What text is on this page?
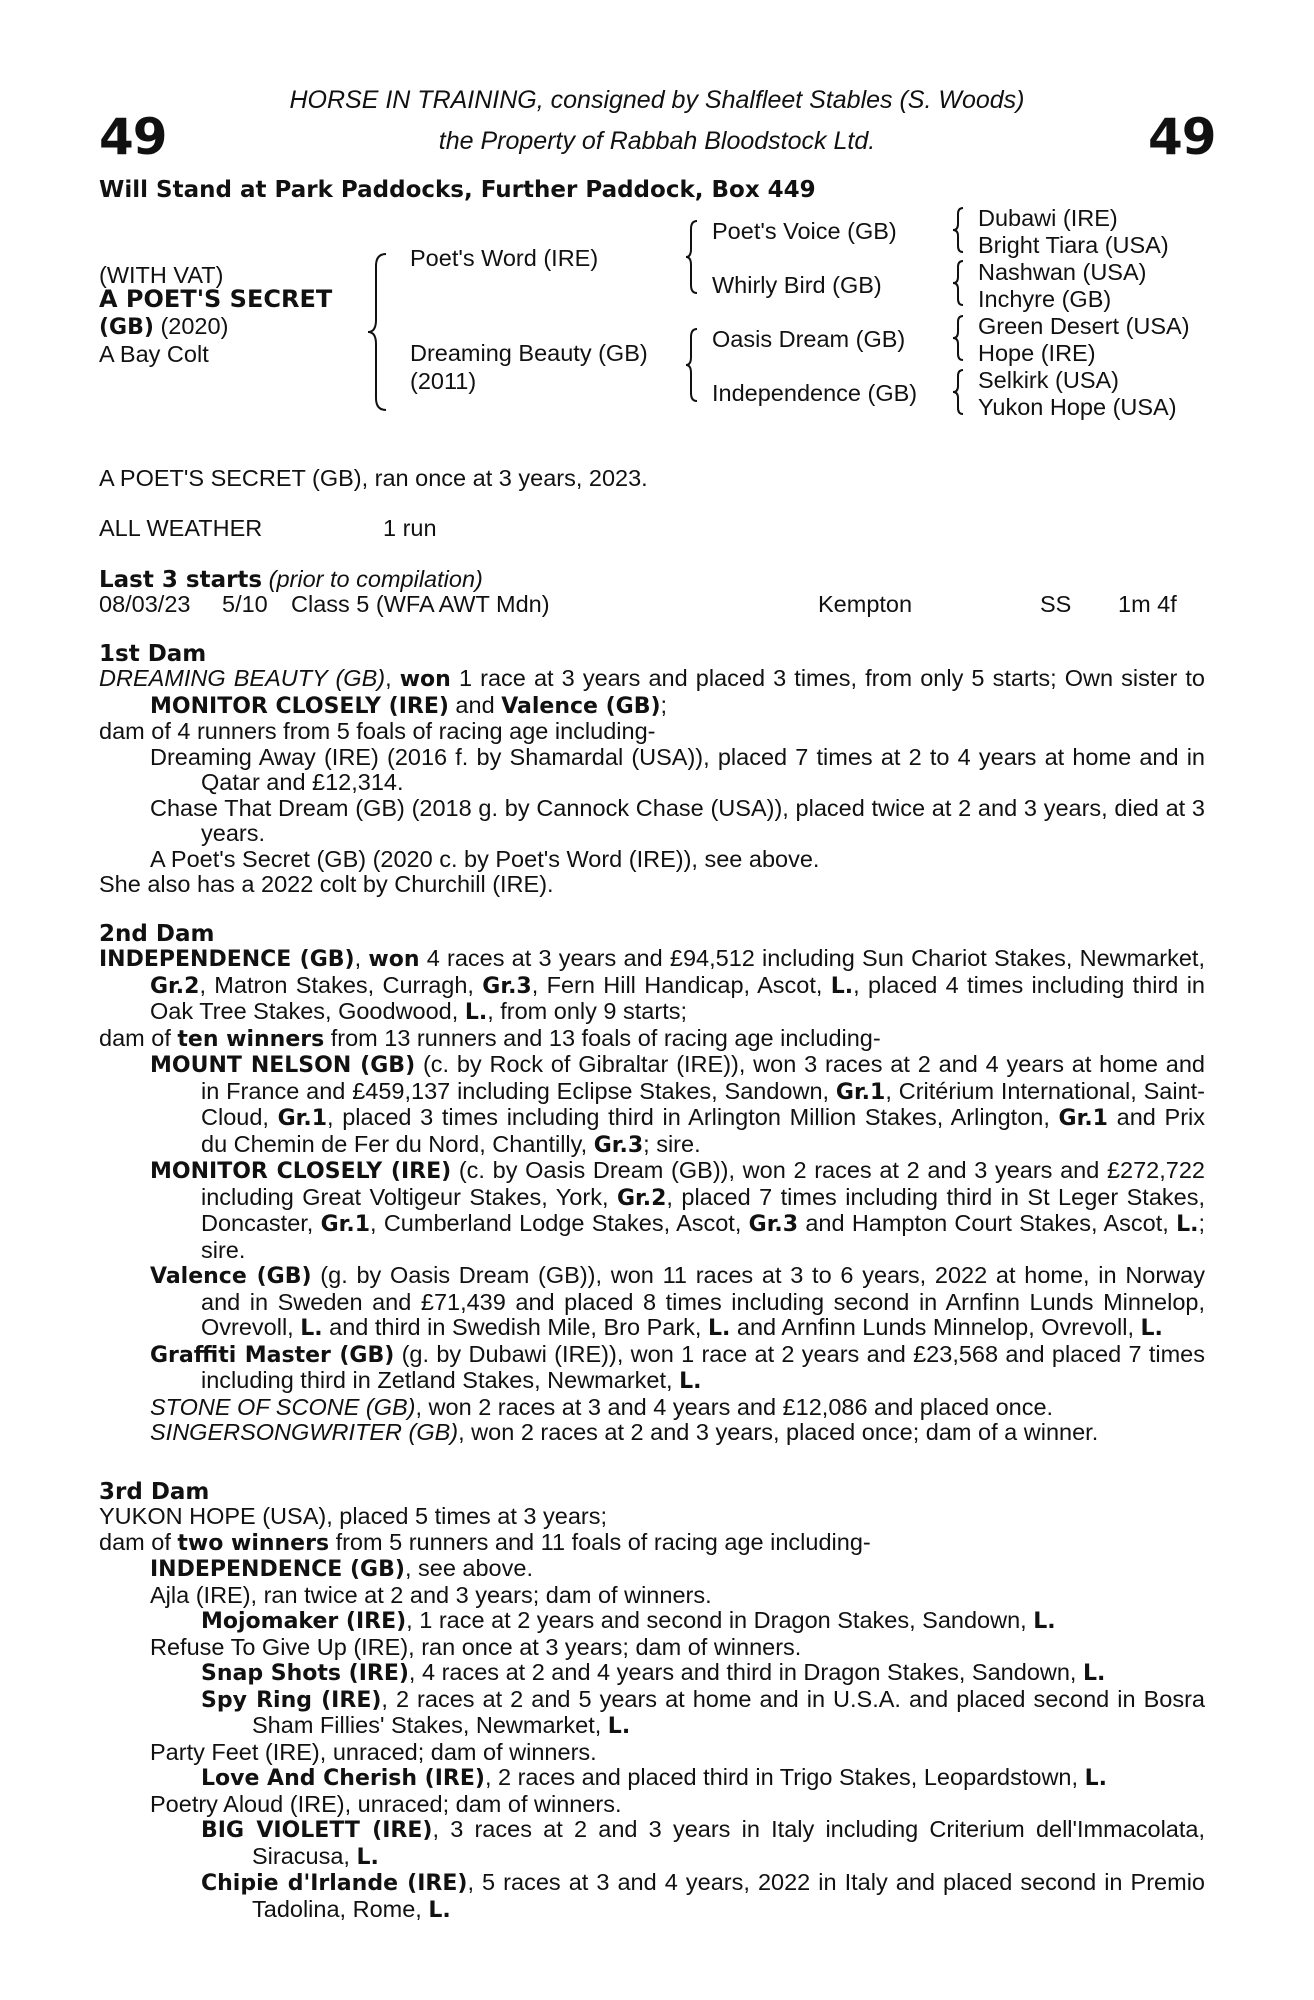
49	49
HORSE IN TRAINING, consigned by Shalfleet Stables (S. Woods)
the Property of Rabbah Bloodstock Ltd.
Will Stand at Park Paddocks, Further Paddock, Box 449
(WITH VAT)
A POET'S SECRET
(GB) (2020)
A Bay Colt
Poet's Word (IRE)
Dreaming Beauty (GB)
(2011)
Poet's Voice (GB)
Whirly Bird (GB)
Oasis Dream (GB)
Independence (GB)
Dubawi (IRE)
Bright Tiara (USA)
Nashwan (USA)
Inchyre (GB)
Green Desert (USA)
Hope (IRE)
Selkirk (USA)
Yukon Hope (USA)
A POET'S SECRET (GB), ran once at 3 years, 2023.
ALL WEATHER	1 run
Last 3 starts (prior to compilation)
08/03/23 5/10 Class 5 (WFA AWT Mdn)	Kempton	SS 1m 4f
1st Dam

DREAMING BEAUTY (GB), won 1 race at 3 years and placed 3 times, from only 5 starts; Own sister to MONITOR CLOSELY (IRE) and Valence (GB);

dam of 4 runners from 5 foals of racing age including-

Dreaming Away (IRE) (2016 f. by Shamardal (USA)), placed 7 times at 2 to 4 years at home and in Qatar and £12,314.

Chase That Dream (GB) (2018 g. by Cannock Chase (USA)), placed twice at 2 and 3 years, died at 3 years.

A Poet's Secret (GB) (2020 c. by Poet's Word (IRE)), see above.

She also has a 2022 colt by Churchill (IRE).

2nd Dam

INDEPENDENCE (GB), won 4 races at 3 years and £94,512 including Sun Chariot Stakes, Newmarket, Gr.2, Matron Stakes, Curragh, Gr.3, Fern Hill Handicap, Ascot, L., placed 4 times including third in Oak Tree Stakes, Goodwood, L., from only 9 starts;

dam of ten winners from 13 runners and 13 foals of racing age including-

MOUNT NELSON (GB) (c. by Rock of Gibraltar (IRE)), won 3 races at 2 and 4 years at home and in France and £459,137 including Eclipse Stakes, Sandown, Gr.1, Critérium International, Saint-Cloud, Gr.1, placed 3 times including third in Arlington Million Stakes, Arlington, Gr.1 and Prix du Chemin de Fer du Nord, Chantilly, Gr.3; sire.

MONITOR CLOSELY (IRE) (c. by Oasis Dream (GB)), won 2 races at 2 and 3 years and £272,722 including Great Voltigeur Stakes, York, Gr.2, placed 7 times including third in St Leger Stakes, Doncaster, Gr.1, Cumberland Lodge Stakes, Ascot, Gr.3 and Hampton Court Stakes, Ascot, L.; sire.

Valence (GB) (g. by Oasis Dream (GB)), won 11 races at 3 to 6 years, 2022 at home, in Norway and in Sweden and £71,439 and placed 8 times including second in Arnfinn Lunds Minnelop, Ovrevoll, L. and third in Swedish Mile, Bro Park, L. and Arnfinn Lunds Minnelop, Ovrevoll, L.

Graffiti Master (GB) (g. by Dubawi (IRE)), won 1 race at 2 years and £23,568 and placed 7 times including third in Zetland Stakes, Newmarket, L.

STONE OF SCONE (GB), won 2 races at 3 and 4 years and £12,086 and placed once.

SINGERSONGWRITER (GB), won 2 races at 2 and 3 years, placed once; dam of a winner.

3rd Dam

YUKON HOPE (USA), placed 5 times at 3 years;

dam of two winners from 5 runners and 11 foals of racing age including-

INDEPENDENCE (GB), see above.

Ajla (IRE), ran twice at 2 and 3 years; dam of winners.

Mojomaker (IRE), 1 race at 2 years and second in Dragon Stakes, Sandown, L.

Refuse To Give Up (IRE), ran once at 3 years; dam of winners.

Snap Shots (IRE), 4 races at 2 and 4 years and third in Dragon Stakes, Sandown, L.

Spy Ring (IRE), 2 races at 2 and 5 years at home and in U.S.A. and placed second in Bosra Sham Fillies' Stakes, Newmarket, L.

Party Feet (IRE), unraced; dam of winners.

Love And Cherish (IRE), 2 races and placed third in Trigo Stakes, Leopardstown, L.

Poetry Aloud (IRE), unraced; dam of winners.

BIG VIOLETT (IRE), 3 races at 2 and 3 years in Italy including Criterium dell'Immacolata, Siracusa, L.

Chipie d'Irlande (IRE), 5 races at 3 and 4 years, 2022 in Italy and placed second in Premio Tadolina, Rome, L.
